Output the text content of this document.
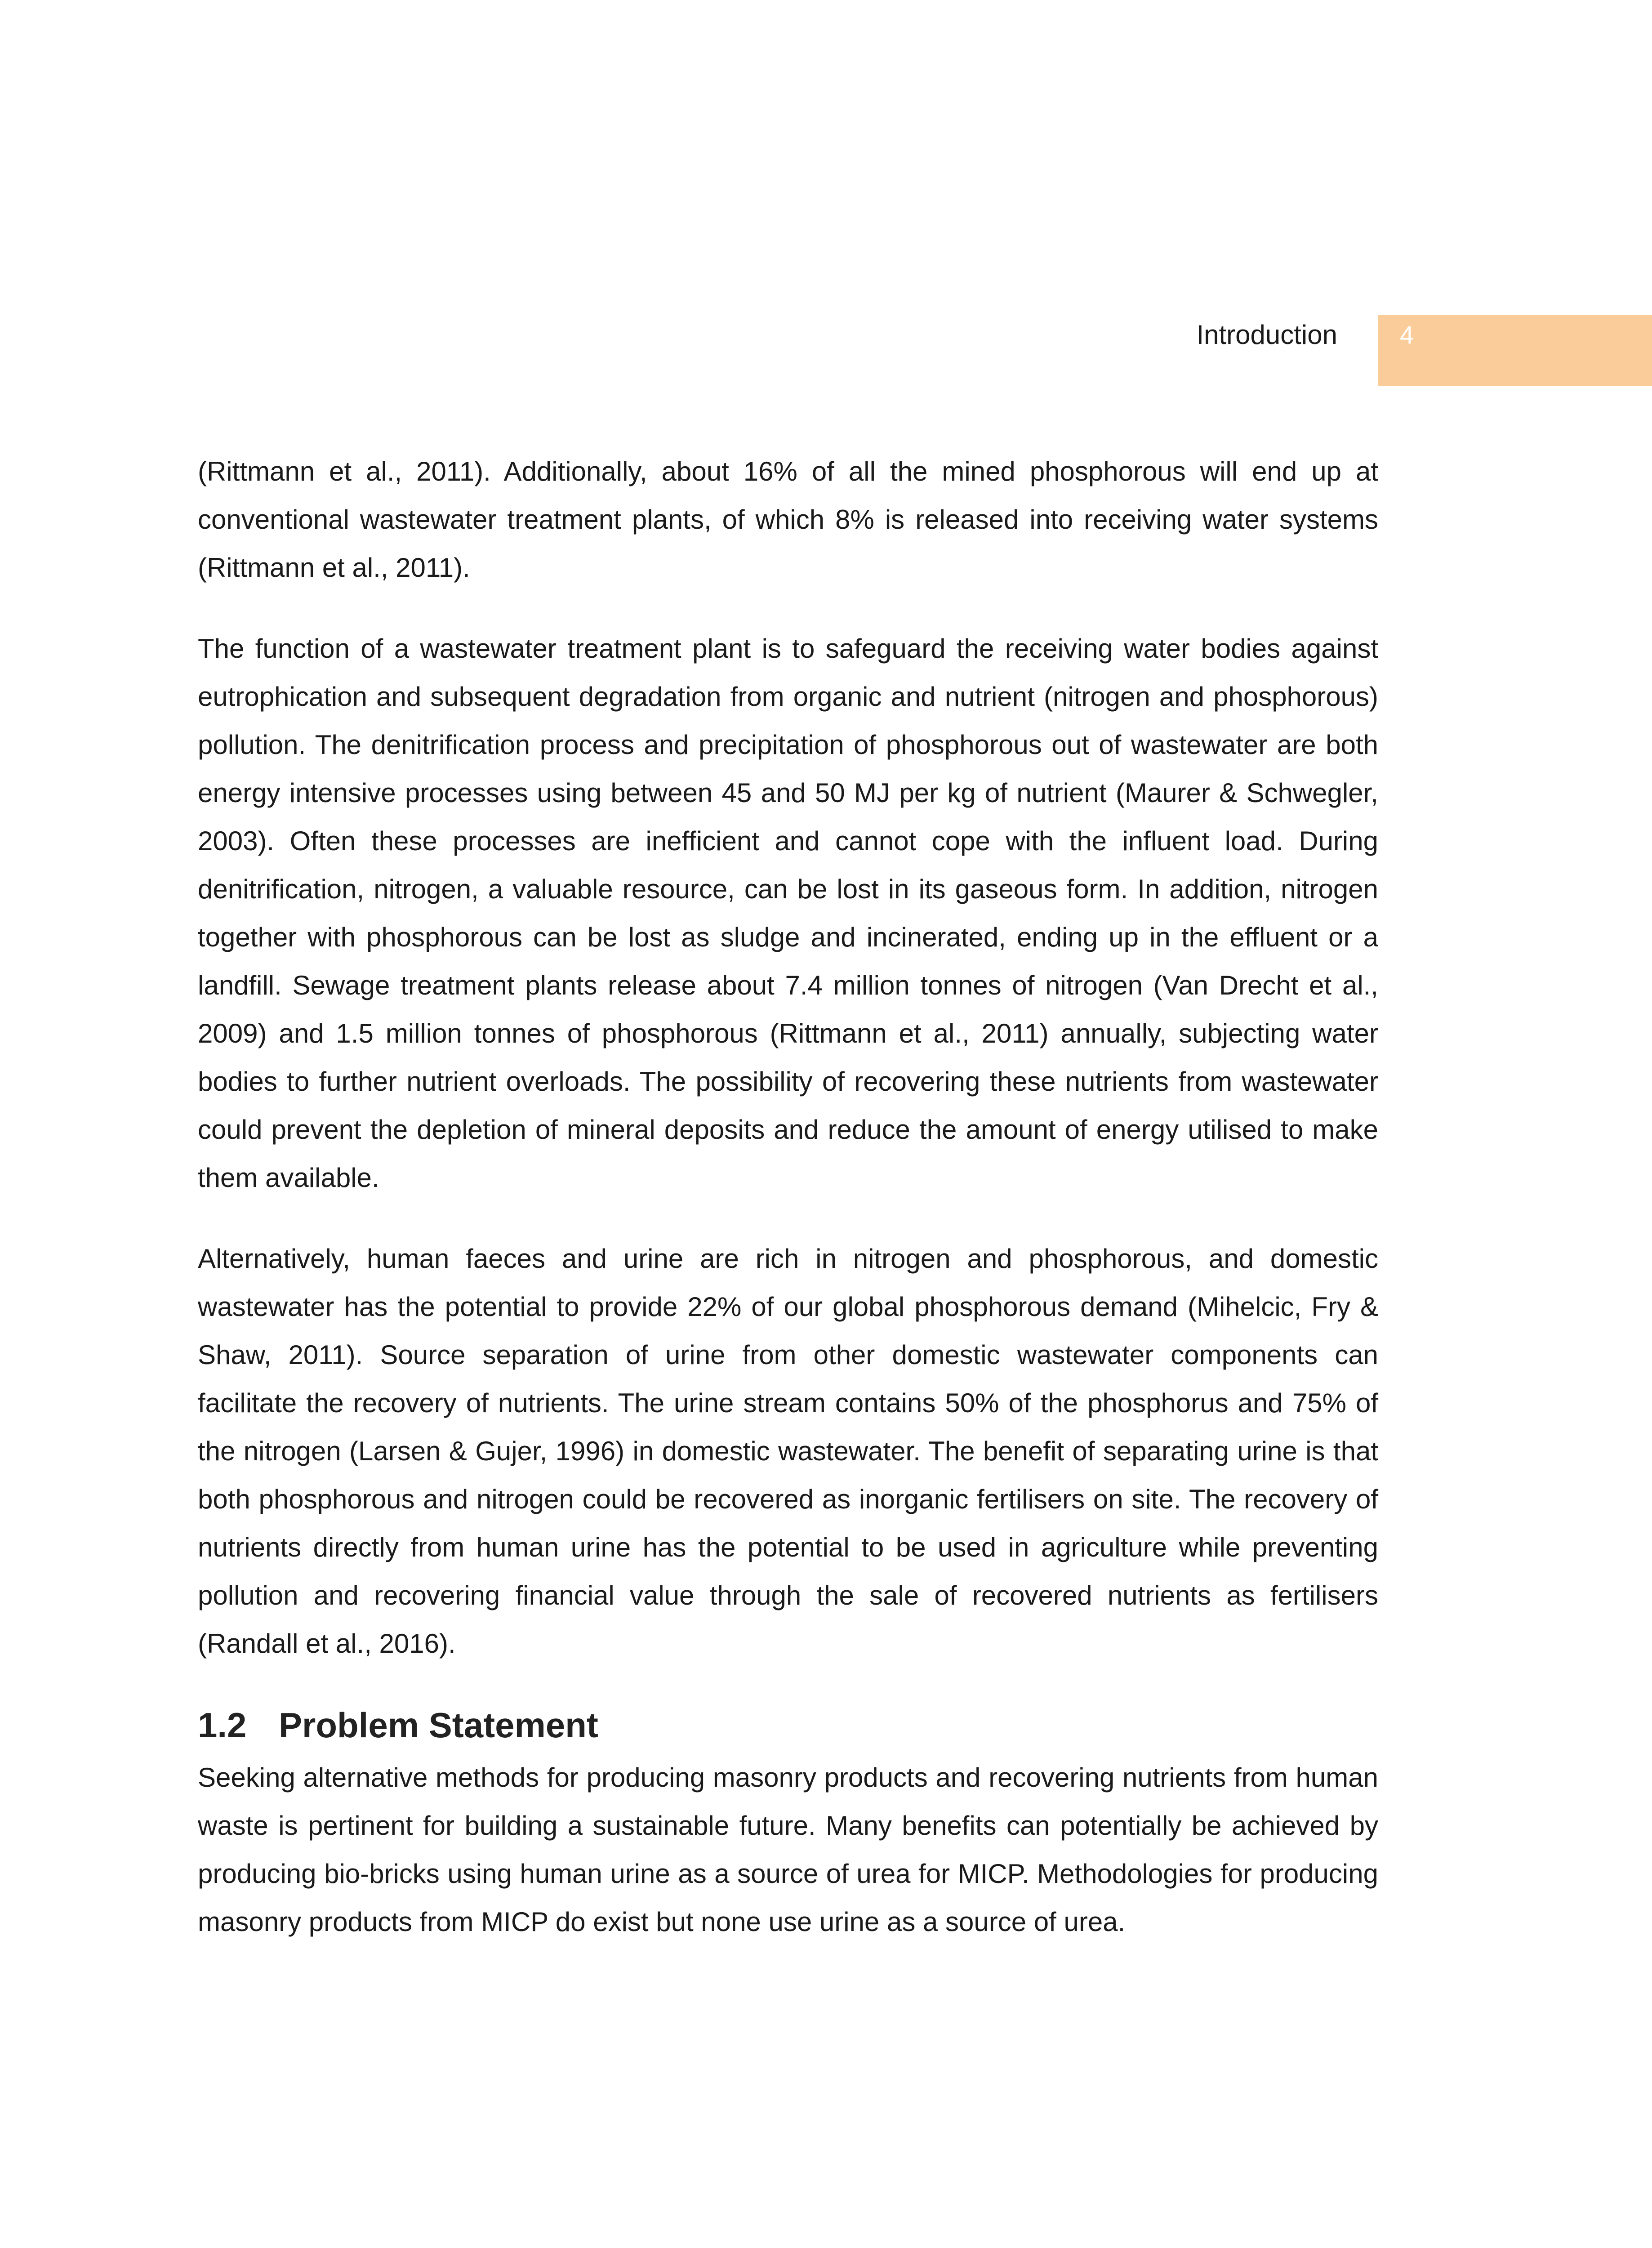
Introduction 4

(Rittmann et al., 2011). Additionally, about 16% of all the mined phosphorous will end up at conventional wastewater treatment plants, of which 8% is released into receiving water systems (Rittmann et al., 2011).

The function of a wastewater treatment plant is to safeguard the receiving water bodies against eutrophication and subsequent degradation from organic and nutrient (nitrogen and phosphorous) pollution. The denitrification process and precipitation of phosphorous out of wastewater are both energy intensive processes using between 45 and 50 MJ per kg of nutrient (Maurer & Schwegler, 2003). Often these processes are inefficient and cannot cope with the influent load. During denitrification, nitrogen, a valuable resource, can be lost in its gaseous form. In addition, nitrogen together with phosphorous can be lost as sludge and incinerated, ending up in the effluent or a landfill. Sewage treatment plants release about 7.4 million tonnes of nitrogen (Van Drecht et al., 2009) and 1.5 million tonnes of phosphorous (Rittmann et al., 2011) annually, subjecting water bodies to further nutrient overloads. The possibility of recovering these nutrients from wastewater could prevent the depletion of mineral deposits and reduce the amount of energy utilised to make them available.

Alternatively, human faeces and urine are rich in nitrogen and phosphorous, and domestic wastewater has the potential to provide 22% of our global phosphorous demand (Mihelcic, Fry & Shaw, 2011). Source separation of urine from other domestic wastewater components can facilitate the recovery of nutrients. The urine stream contains 50% of the phosphorus and 75% of the nitrogen (Larsen & Gujer, 1996) in domestic wastewater. The benefit of separating urine is that both phosphorous and nitrogen could be recovered as inorganic fertilisers on site. The recovery of nutrients directly from human urine has the potential to be used in agriculture while preventing pollution and recovering financial value through the sale of recovered nutrients as fertilisers (Randall et al., 2016).

1.2 Problem Statement

Seeking alternative methods for producing masonry products and recovering nutrients from human waste is pertinent for building a sustainable future. Many benefits can potentially be achieved by producing bio-bricks using human urine as a source of urea for MICP. Methodologies for producing masonry products from MICP do exist but none use urine as a source of urea.
